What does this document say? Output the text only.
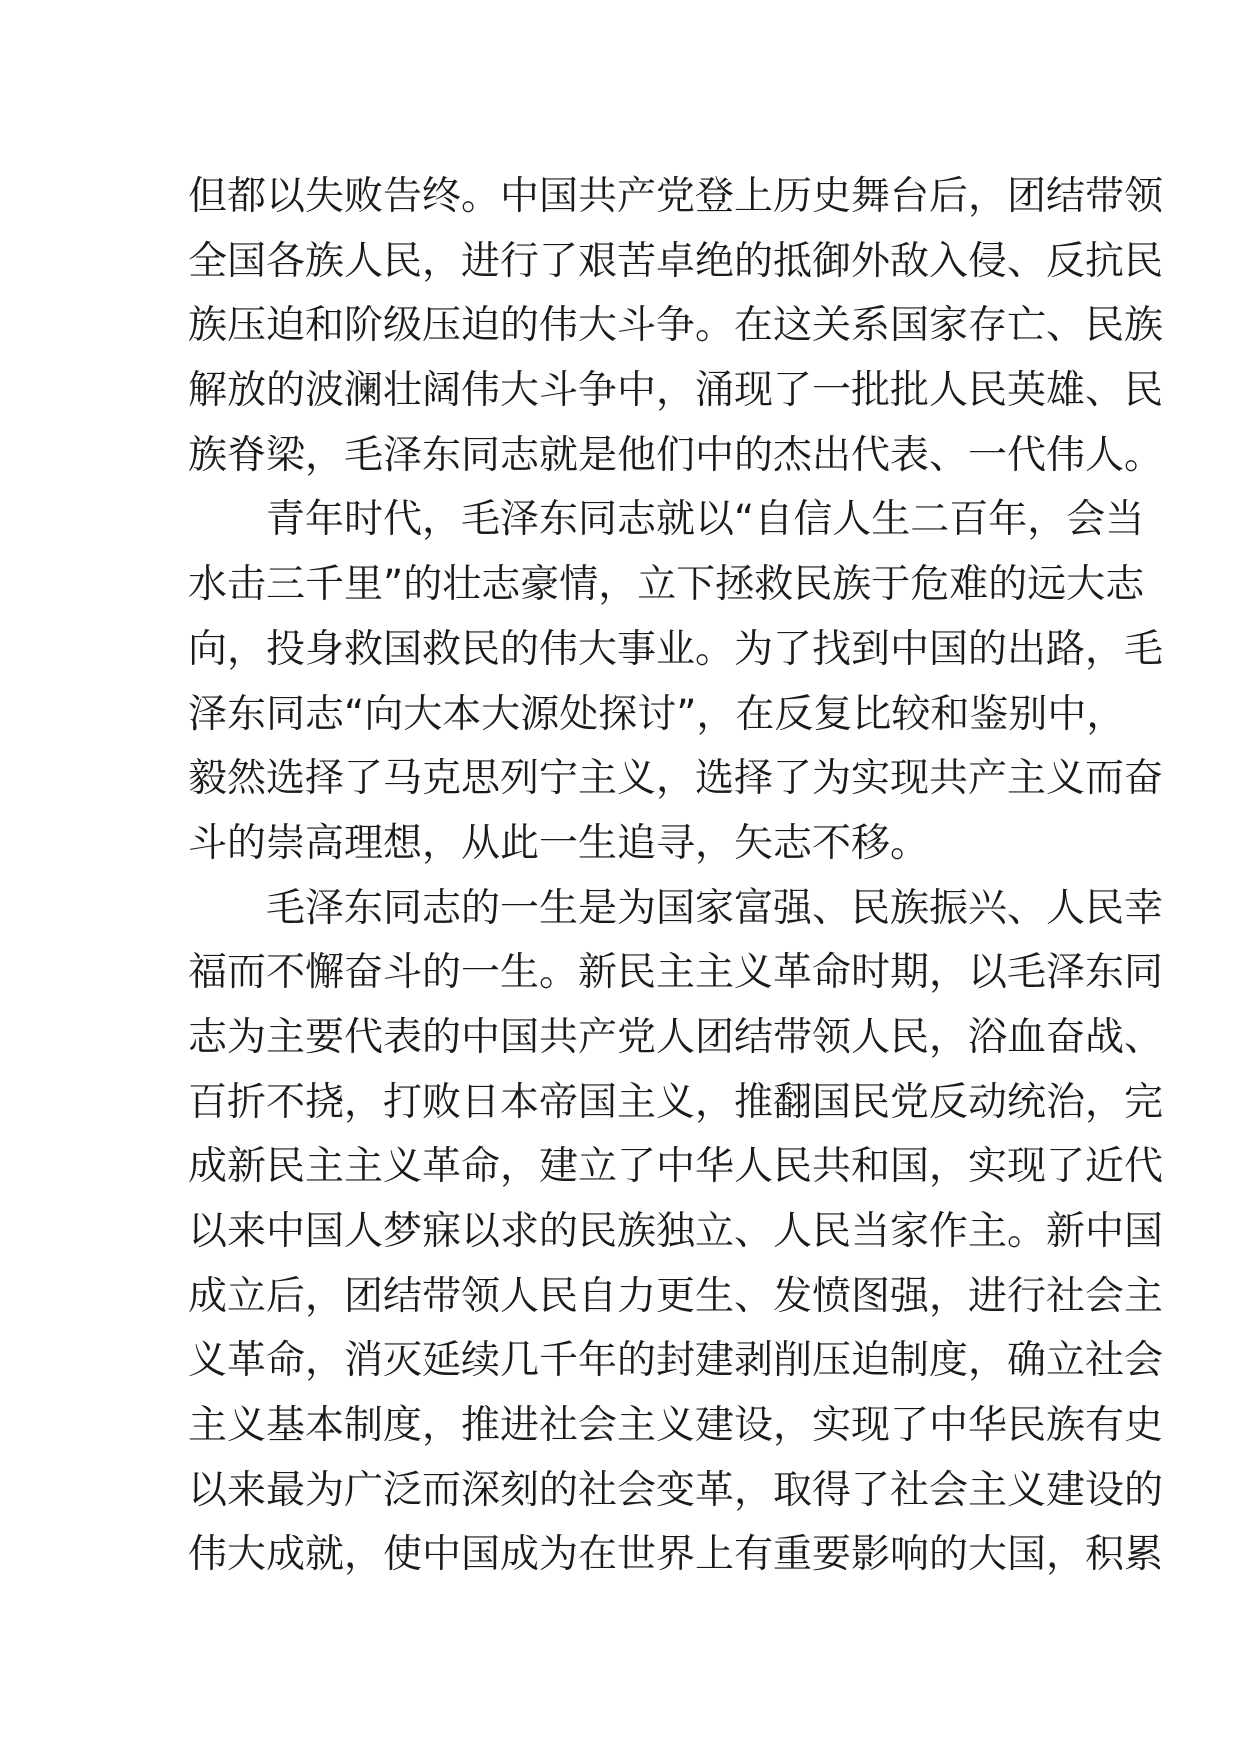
但都以失败告终。中国共产党登上历史舞台后，团结带领
全国各族人民，进行了艰苦卓绝的抵御外敌入侵、反抗民
族压迫和阶级压迫的伟大斗争。在这关系国家存亡、民族
解放的波澜壮阔伟大斗争中，涌现了一批批人民英雄、民
族脊梁，毛泽东同志就是他们中的杰出代表、一代伟人。
青年时代，毛泽东同志就以“自信人生二百年，会当
水击三千里”的壮志豪情，立下拯救民族于危难的远大志
向，投身救国救民的伟大事业。为了找到中国的出路，毛
泽东同志“向大本大源处探讨”，在反复比较和鉴别中，
毅然选择了马克思列宁主义，选择了为实现共产主义而奋
斗的崇高理想，从此一生追寻，矢志不移。
毛泽东同志的一生是为国家富强、民族振兴、人民幸
福而不懈奋斗的一生。新民主主义革命时期，以毛泽东同
志为主要代表的中国共产党人团结带领人民，浴血奋战、
百折不挠，打败日本帝国主义，推翻国民党反动统治，完
成新民主主义革命，建立了中华人民共和国，实现了近代
以来中国人梦寐以求的民族独立、人民当家作主。新中国
成立后，团结带领人民自力更生、发愤图强，进行社会主
义革命，消灭延续几千年的封建剥削压迫制度，确立社会
主义基本制度，推进社会主义建设，实现了中华民族有史
以来最为广泛而深刻的社会变革，取得了社会主义建设的
伟大成就，使中国成为在世界上有重要影响的大国，积累
